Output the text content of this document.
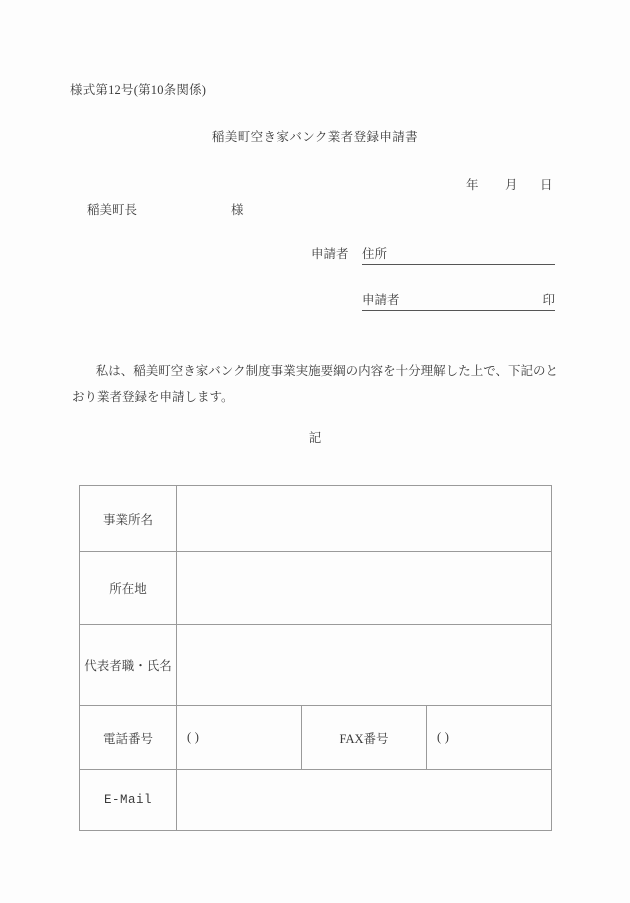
様式第12号(第10条関係)
稲美町空き家バンク業者登録申請書
年 月 日
稲美町長	様
申請者 住所
申請者	印
私は、稲美町空き家バンク制度事業実施要綱の内容を十分理解した上で、下記のとおり業者登録を申請します。
記
事業所名			
所在地			
代表者職・氏名			
電話番号	( )	FAX番号	( )
E-Mail			
